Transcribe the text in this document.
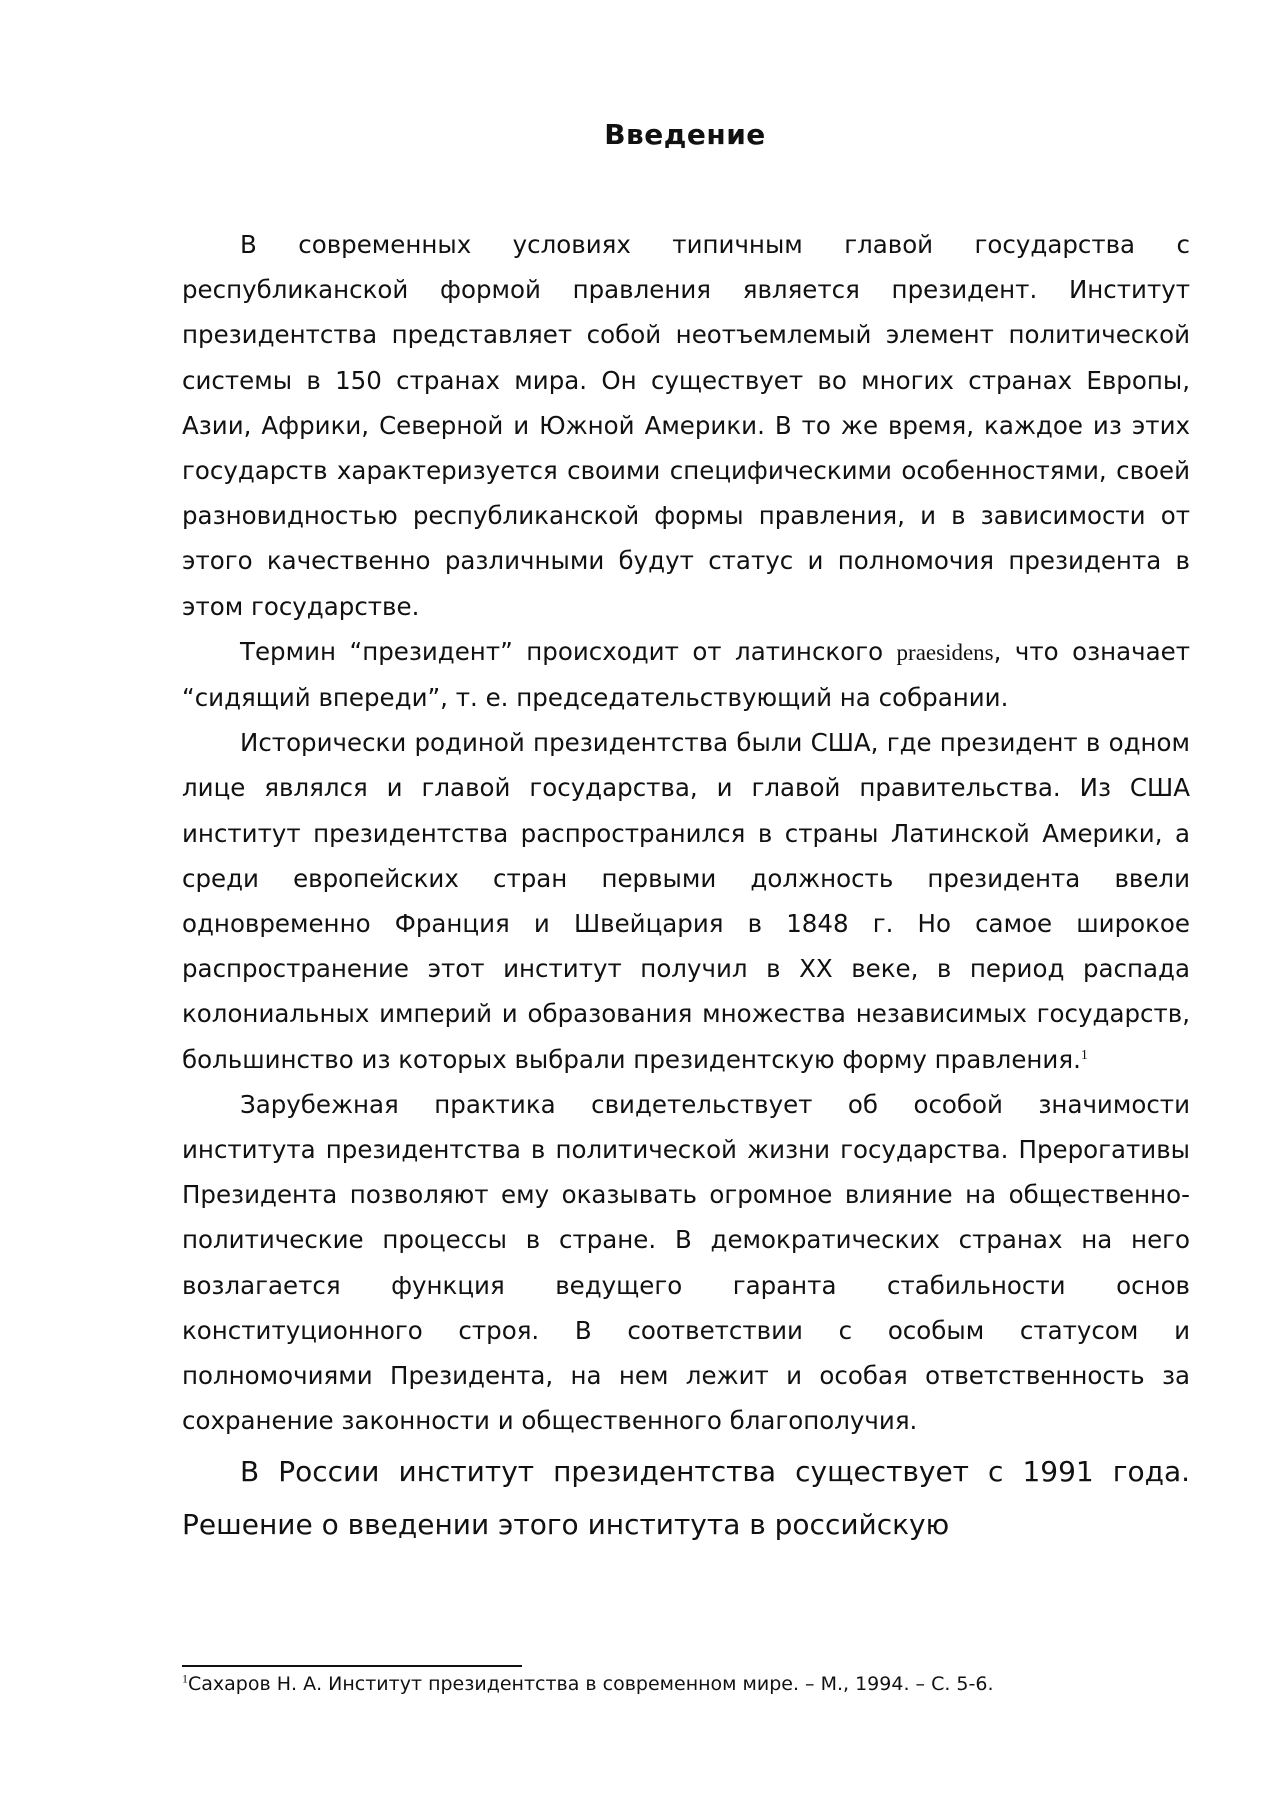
Введение

В современных условиях типичным главой государства с республиканской формой правления является президент. Институт президентства представляет собой неотъемлемый элемент политической системы в 150 странах мира. Он существует во многих странах Европы, Азии, Африки, Северной и Южной Америки. В то же время, каждое из этих государств характеризуется своими специфическими особенностями, своей разновидностью республиканской формы правления, и в зависимости от этого качественно различными будут статус и полномочия президента в этом государстве.

Термин “президент” происходит от латинского praesidens, что означает “сидящий впереди”, т. е. председательствующий на собрании.

Исторически родиной президентства были США, где президент в одном лице являлся и главой государства, и главой правительства. Из США институт президентства распространился в страны Латинской Америки, а среди европейских стран первыми должность президента ввели одновременно Франция и Швейцария в 1848 г. Но самое широкое распространение этот институт получил в XX веке, в период распада колониальных империй и образования множества независимых государств, большинство из которых выбрали президентскую форму правления.$^1$

Зарубежная практика свидетельствует об особой значимости института президентства в политической жизни государства. Прерогативы Президента позволяют ему оказывать огромное влияние на общественно-политические процессы в стране. В демократических странах на него возлагается функция ведущего гаранта стабильности основ конституционного строя. В соответствии с особым статусом и полномочиями Президента, на нем лежит и особая ответственность за сохранение законности и общественного благополучия.

В России институт президентства существует с 1991 года. Решение о введении этого института в российскую

$^1$Сахаров Н. А. Институт президентства в современном мире. – М., 1994. – С. 5-6.
